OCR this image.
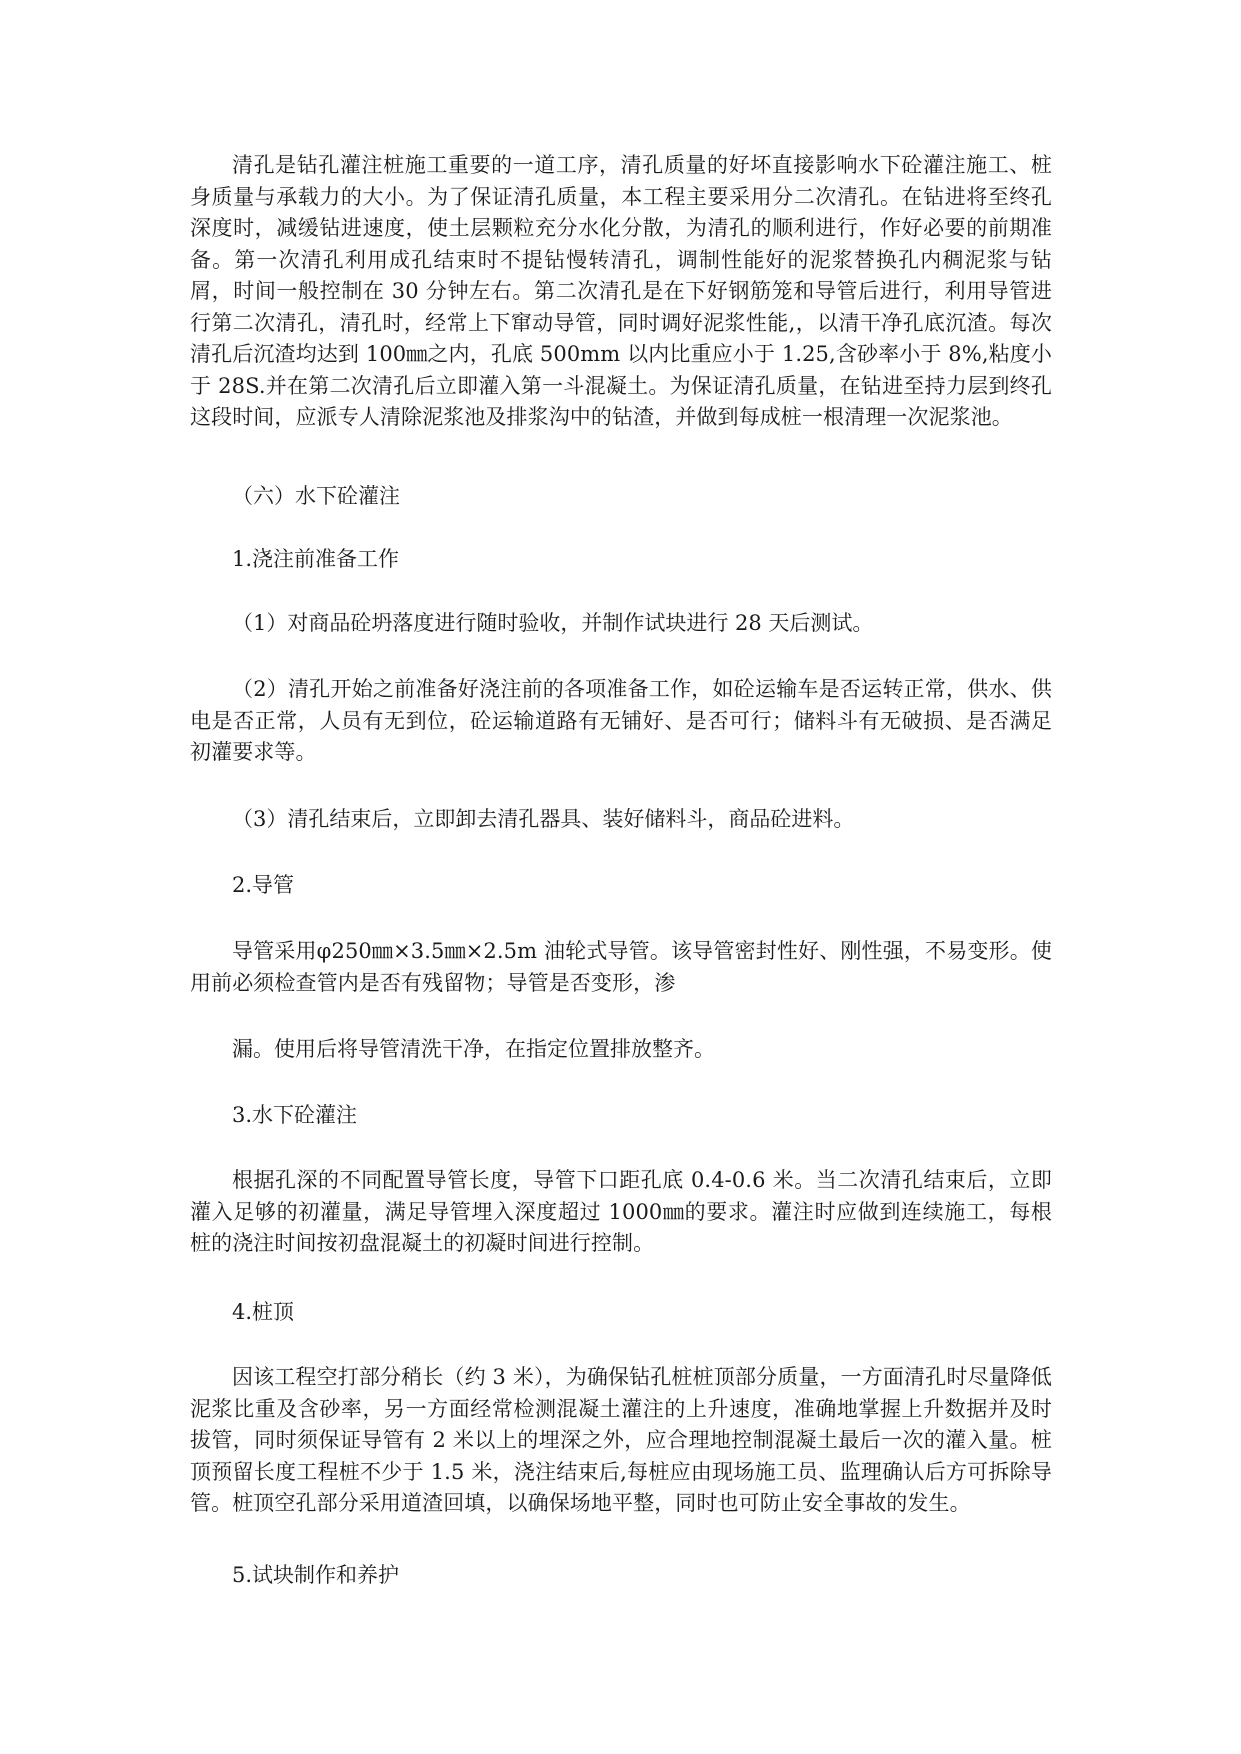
清孔是钻孔灌注桩施工重要的一道工序，清孔质量的好坏直接影响水下砼灌注施工、桩身质量与承载力的大小。为了保证清孔质量，本工程主要采用分二次清孔。在钻进将至终孔深度时，减缓钻进速度，使土层颗粒充分水化分散，为清孔的顺利进行，作好必要的前期准备。第一次清孔利用成孔结束时不提钻慢转清孔，调制性能好的泥浆替换孔内稠泥浆与钻屑，时间一般控制在 30 分钟左右。第二次清孔是在下好钢筋笼和导管后进行，利用导管进行第二次清孔，清孔时，经常上下窜动导管，同时调好泥浆性能,，以清干净孔底沉渣。每次清孔后沉渣均达到 100㎜之内，孔底 500mm 以内比重应小于 1.25,含砂率小于 8%,粘度小于 28S.并在第二次清孔后立即灌入第一斗混凝土。为保证清孔质量，在钻进至持力层到终孔这段时间，应派专人清除泥浆池及排浆沟中的钻渣，并做到每成桩一根清理一次泥浆池。

（六）水下砼灌注

1.浇注前准备工作

（1）对商品砼坍落度进行随时验收，并制作试块进行 28 天后测试。

（2）清孔开始之前准备好浇注前的各项准备工作，如砼运输车是否运转正常，供水、供电是否正常，人员有无到位，砼运输道路有无铺好、是否可行；储料斗有无破损、是否满足初灌要求等。

（3）清孔结束后，立即卸去清孔器具、装好储料斗，商品砼进料。

2.导管

导管采用φ250㎜×3.5㎜×2.5m 油轮式导管。该导管密封性好、刚性强，不易变形。使用前必须检查管内是否有残留物；导管是否变形，渗

漏。使用后将导管清洗干净，在指定位置排放整齐。

3.水下砼灌注

根据孔深的不同配置导管长度，导管下口距孔底 0.4-0.6 米。当二次清孔结束后，立即灌入足够的初灌量，满足导管埋入深度超过 1000㎜的要求。灌注时应做到连续施工，每根桩的浇注时间按初盘混凝土的初凝时间进行控制。

4.桩顶

因该工程空打部分稍长（约 3 米），为确保钻孔桩桩顶部分质量，一方面清孔时尽量降低泥浆比重及含砂率，另一方面经常检测混凝土灌注的上升速度，准确地掌握上升数据并及时拔管，同时须保证导管有 2 米以上的埋深之外，应合理地控制混凝土最后一次的灌入量。桩顶预留长度工程桩不少于 1.5 米，浇注结束后,每桩应由现场施工员、监理确认后方可拆除导管。桩顶空孔部分采用道渣回填，以确保场地平整，同时也可防止安全事故的发生。

5.试块制作和养护
